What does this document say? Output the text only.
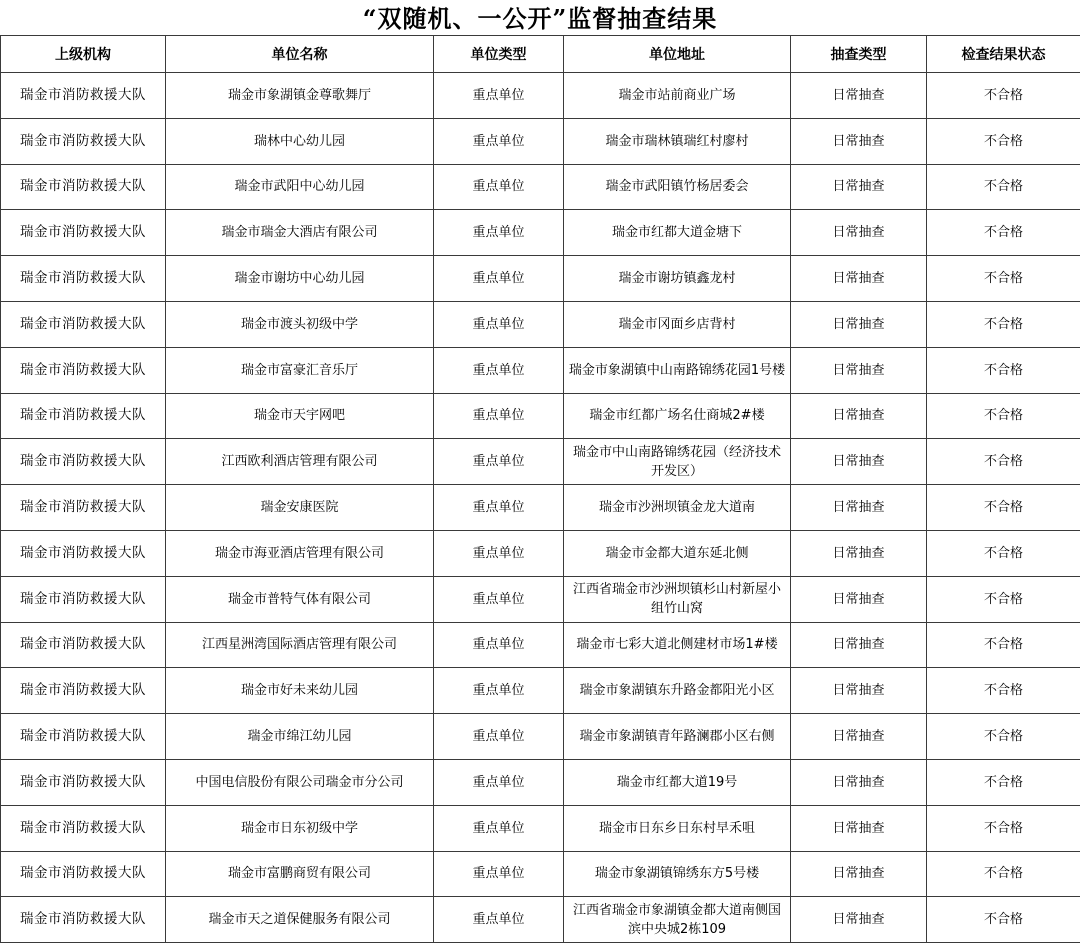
“双随机、一公开”监督抽查结果
上级机构	单位名称	单位类型	单位地址	抽查类型	检查结果状态
瑞金市消防救援大队	瑞金市象湖镇金尊歌舞厅	重点单位	瑞金市站前商业广场	日常抽查	不合格
瑞金市消防救援大队	瑞林中心幼儿园	重点单位	瑞金市瑞林镇瑞红村廖村	日常抽查	不合格
瑞金市消防救援大队	瑞金市武阳中心幼儿园	重点单位	瑞金市武阳镇竹杨居委会	日常抽查	不合格
瑞金市消防救援大队	瑞金市瑞金大酒店有限公司	重点单位	瑞金市红都大道金塘下	日常抽查	不合格
瑞金市消防救援大队	瑞金市谢坊中心幼儿园	重点单位	瑞金市谢坊镇鑫龙村	日常抽查	不合格
瑞金市消防救援大队	瑞金市渡头初级中学	重点单位	瑞金市冈面乡店背村	日常抽查	不合格
瑞金市消防救援大队	瑞金市富豪汇音乐厅	重点单位	瑞金市象湖镇中山南路锦绣花园1号楼	日常抽查	不合格
瑞金市消防救援大队	瑞金市天宇网吧	重点单位	瑞金市红都广场名仕商城2#楼	日常抽查	不合格
瑞金市消防救援大队	江西欧利酒店管理有限公司	重点单位	瑞金市中山南路锦绣花园（经济技术开发区）	日常抽查	不合格
瑞金市消防救援大队	瑞金安康医院	重点单位	瑞金市沙洲坝镇金龙大道南	日常抽查	不合格
瑞金市消防救援大队	瑞金市海亚酒店管理有限公司	重点单位	瑞金市金都大道东延北侧	日常抽查	不合格
瑞金市消防救援大队	瑞金市普特气体有限公司	重点单位	江西省瑞金市沙洲坝镇杉山村新屋小组竹山窝	日常抽查	不合格
瑞金市消防救援大队	江西星洲湾国际酒店管理有限公司	重点单位	瑞金市七彩大道北侧建材市场1#楼	日常抽查	不合格
瑞金市消防救援大队	瑞金市好未来幼儿园	重点单位	瑞金市象湖镇东升路金都阳光小区	日常抽查	不合格
瑞金市消防救援大队	瑞金市绵江幼儿园	重点单位	瑞金市象湖镇青年路澜郡小区右侧	日常抽查	不合格
瑞金市消防救援大队	中国电信股份有限公司瑞金市分公司	重点单位	瑞金市红都大道19号	日常抽查	不合格
瑞金市消防救援大队	瑞金市日东初级中学	重点单位	瑞金市日东乡日东村早禾咀	日常抽查	不合格
瑞金市消防救援大队	瑞金市富鹏商贸有限公司	重点单位	瑞金市象湖镇锦绣东方5号楼	日常抽查	不合格
瑞金市消防救援大队	瑞金市天之道保健服务有限公司	重点单位	江西省瑞金市象湖镇金都大道南侧国滨中央城2栋109	日常抽查	不合格
